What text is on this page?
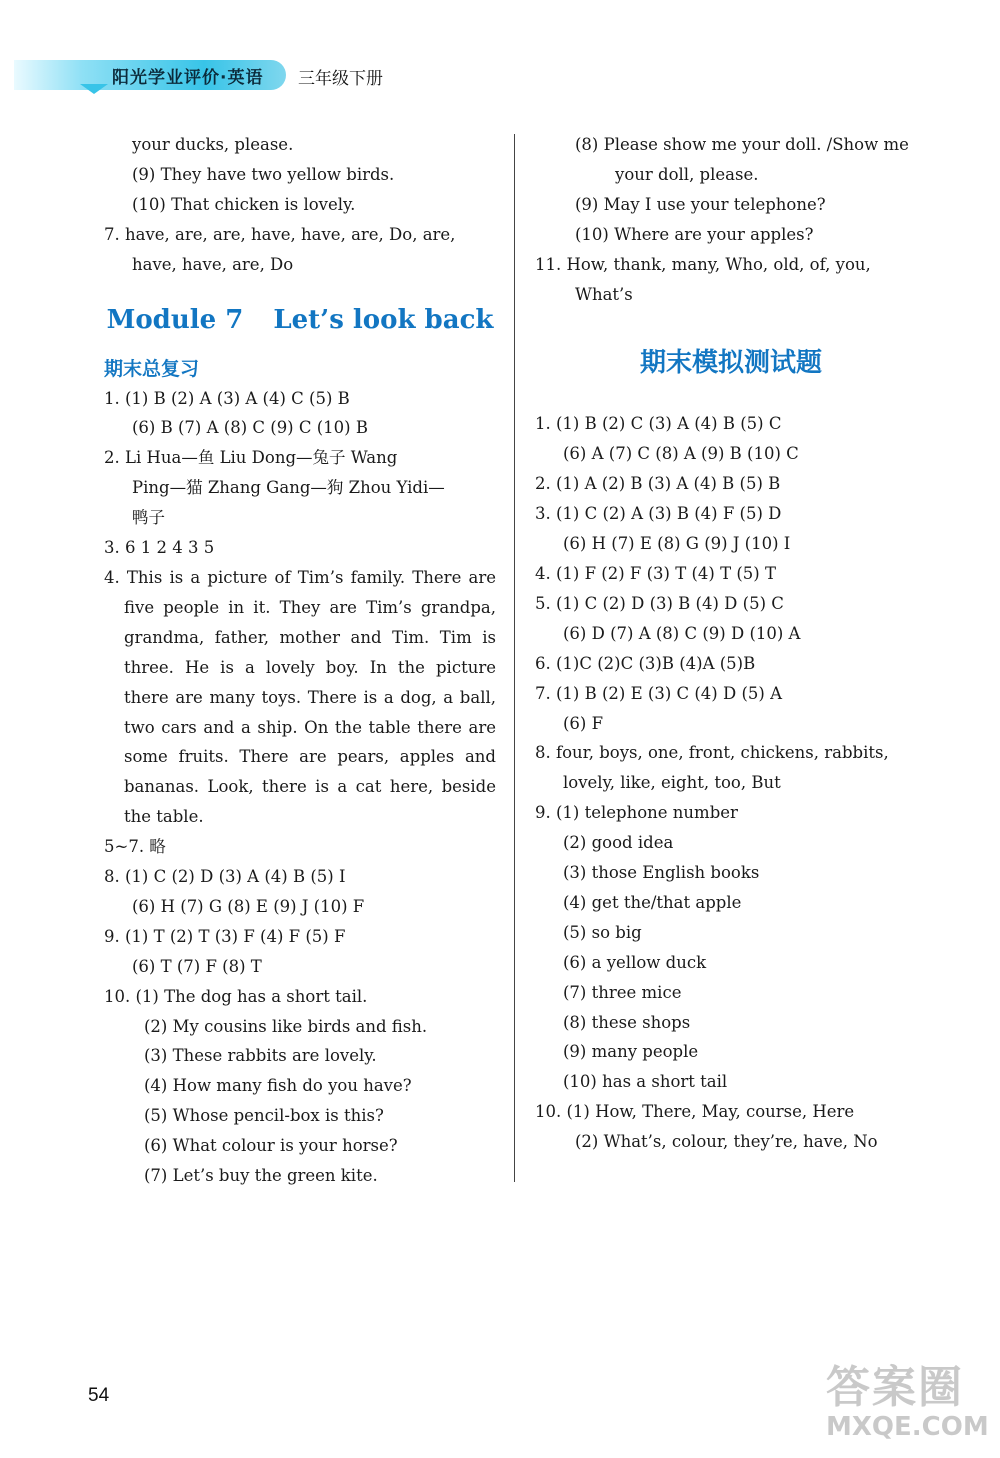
阳光学业评价·英语 三年级下册
your ducks, please.
(9) They have two yellow birds.
(10) That chicken is lovely.
7. have, are, are, have, have, are, Do, are,
have, have, are, Do
Module 7 Let’s look back
期末总复习
1. (1) B (2) A (3) A (4) C (5) B
(6) B (7) A (8) C (9) C (10) B
2. Li Hua—鱼 Liu Dong—兔子 Wang
Ping—猫 Zhang Gang—狗 Zhou Yidi—
鸭子
3. 6 1 2 4 3 5
4. This is a picture of Tim’s family. There are five people in it. They are Tim’s grandpa, grandma, father, mother and Tim. Tim is three. He is a lovely boy. In the picture there are many toys. There is a dog, a ball, two cars and a ship. On the table there are some fruits. There are pears, apples and bananas. Look, there is a cat here, beside the table.
5~7. 略
8. (1) C (2) D (3) A (4) B (5) I
(6) H (7) G (8) E (9) J (10) F
9. (1) T (2) T (3) F (4) F (5) F
(6) T (7) F (8) T
10. (1) The dog has a short tail.
(2) My cousins like birds and fish.
(3) These rabbits are lovely.
(4) How many fish do you have?
(5) Whose pencil-box is this?
(6) What colour is your horse?
(7) Let’s buy the green kite.
(8) Please show me your doll. /Show me
your doll, please.
(9) May I use your telephone?
(10) Where are your apples?
11. How, thank, many, Who, old, of, you,
What’s
期末模拟测试题
1. (1) B (2) C (3) A (4) B (5) C
(6) A (7) C (8) A (9) B (10) C
2. (1) A (2) B (3) A (4) B (5) B
3. (1) C (2) A (3) B (4) F (5) D
(6) H (7) E (8) G (9) J (10) I
4. (1) F (2) F (3) T (4) T (5) T
5. (1) C (2) D (3) B (4) D (5) C
(6) D (7) A (8) C (9) D (10) A
6. (1)C (2)C (3)B (4)A (5)B
7. (1) B (2) E (3) C (4) D (5) A
(6) F
8. four, boys, one, front, chickens, rabbits,
lovely, like, eight, too, But
9. (1) telephone number
(2) good idea
(3) those English books
(4) get the/that apple
(5) so big
(6) a yellow duck
(7) three mice
(8) these shops
(9) many people
(10) has a short tail
10. (1) How, There, May, course, Here
(2) What’s, colour, they’re, have, No
54	答案圈
MXQE.COM
